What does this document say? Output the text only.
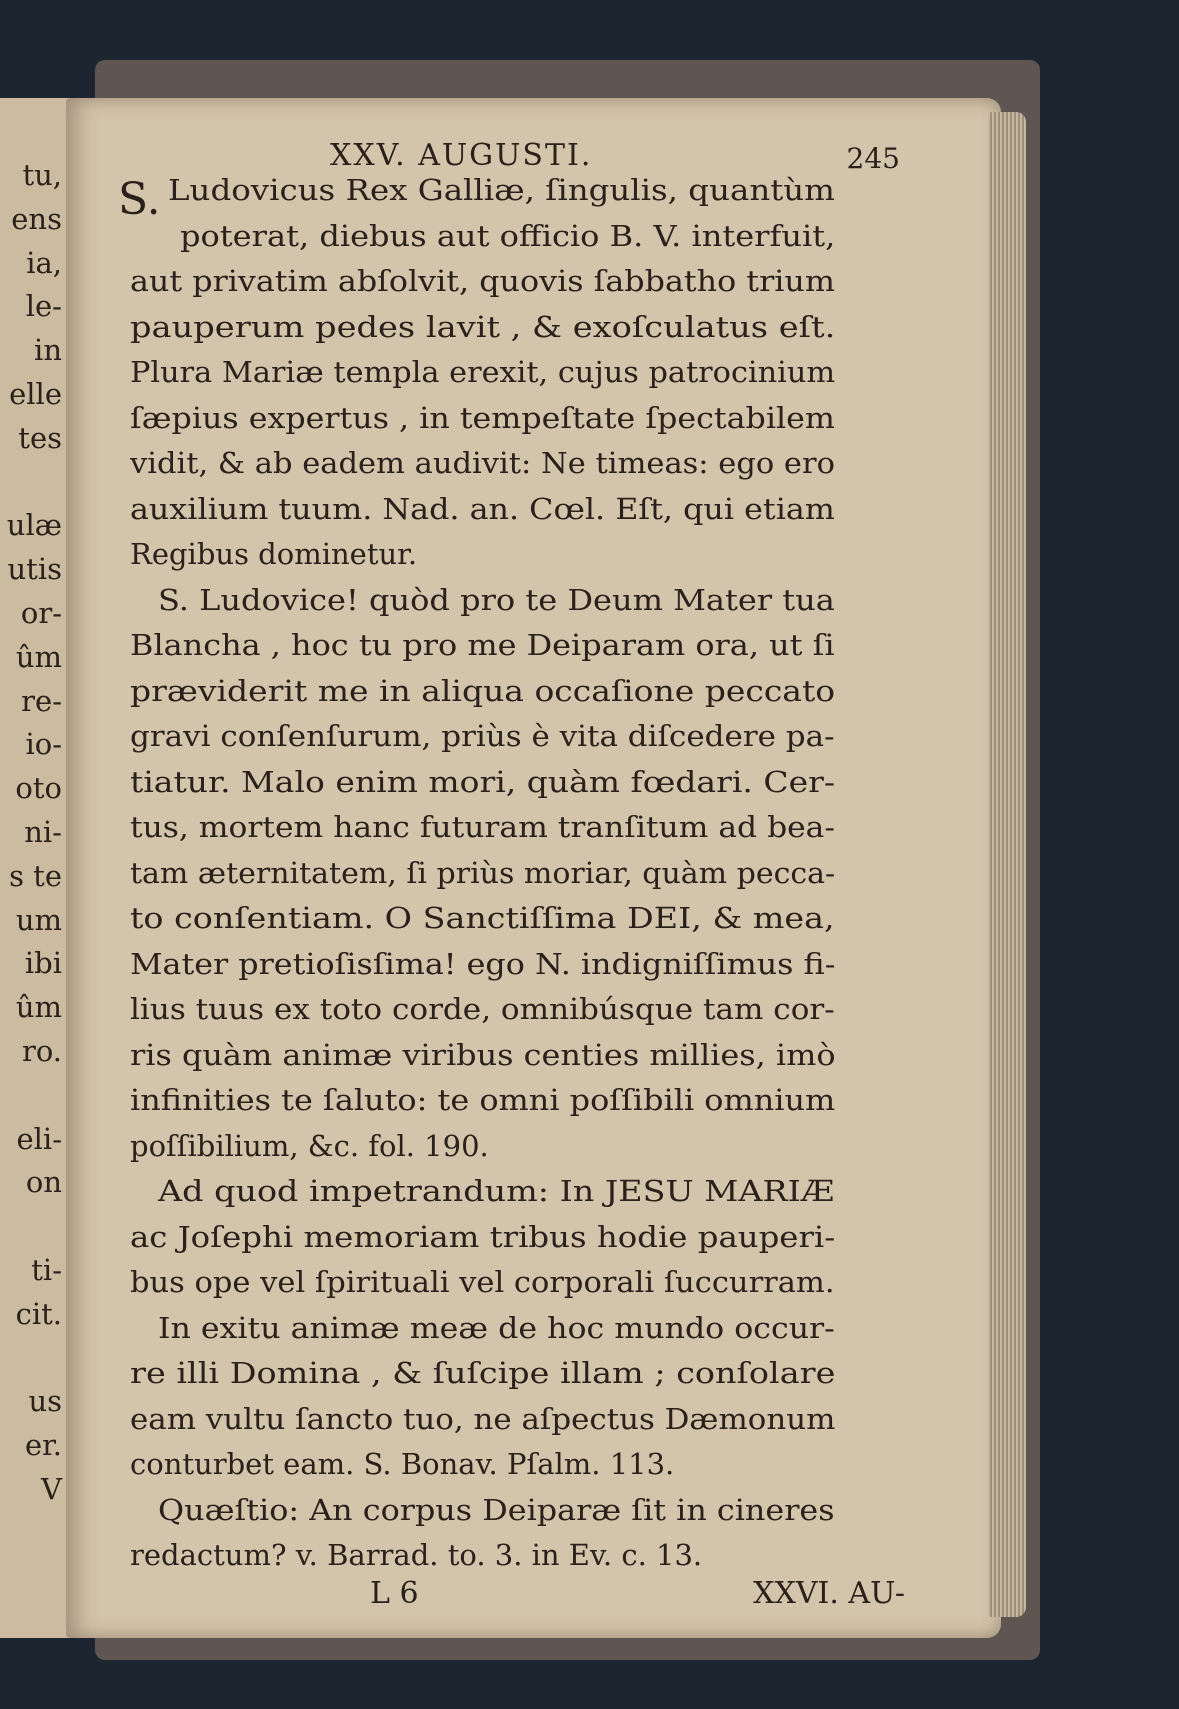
tu,
ens
ia,
le-
in
elle
tes
ulæ
utis
or-
ûm
re-
io-
oto
ni-
s te
um
ibi
ûm
ro.
eli-
on
ti-
cit.
us
er.
V
XXV. AUGUSTI.	245
S. Ludovicus Rex Galliæ, ſingulis, quantùm
poterat, diebus aut officio B. V. interfuit,
aut privatim abſolvit, quovis ſabbatho trium
pauperum pedes lavit , & exoſculatus eſt.
Plura Mariæ templa erexit, cujus patrocinium
ſæpius expertus , in tempeſtate ſpectabilem
vidit, & ab eadem audivit: Ne timeas: ego ero
auxilium tuum. Nad. an. Cœl. Eſt, qui etiam
Regibus dominetur.
S. Ludovice! quòd pro te Deum Mater tua
Blancha , hoc tu pro me Deiparam ora, ut ſi
præviderit me in aliqua occaſione peccato
gravi conſenſurum, priùs è vita diſcedere pa-
tiatur. Malo enim mori, quàm fœdari. Cer-
tus, mortem hanc futuram tranſitum ad bea-
tam æternitatem, ſi priùs moriar, quàm pecca-
to conſentiam. O Sanctiſſima DEI, & mea,
Mater pretioſisſima! ego N. indigniſſimus fi-
lius tuus ex toto corde, omnibúsque tam cor-
ris quàm animæ viribus centies millies, imò
infinities te ſaluto: te omni poſſibili omnium
poſſibilium, &c. fol. 190.
Ad quod impetrandum: In JESU MARIÆ
ac Joſephi memoriam tribus hodie pauperi-
bus ope vel ſpirituali vel corporali ſuccurram.
In exitu animæ meæ de hoc mundo occur-
re illi Domina , & ſuſcipe illam ; conſolare
eam vultu ſancto tuo, ne aſpectus Dæmonum
conturbet eam. S. Bonav. Pſalm. 113.
Quæſtio: An corpus Deiparæ ſit in cineres
redactum? v. Barrad. to. 3. in Ev. c. 13.
L 6	XXVI. AU-
